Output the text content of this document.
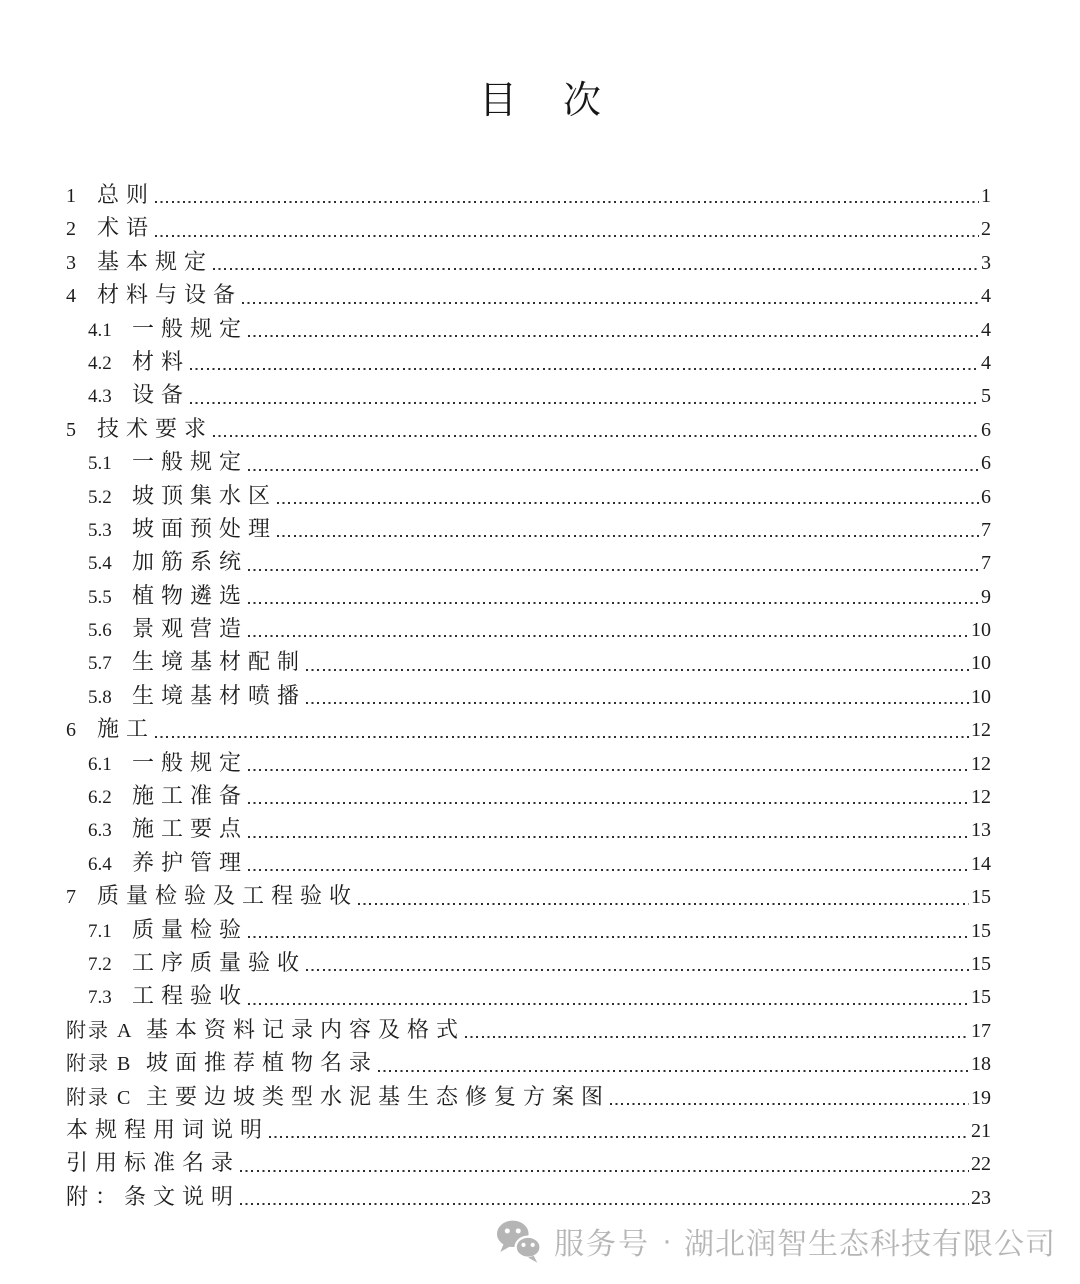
目 次
1 总则	1
2 术语	2
3 基本规定	3
4 材料与设备	4
4.1 一般规定	4
4.2 材料	4
4.3 设备	5
5 技术要求	6
5.1 一般规定	6
5.2 坡顶集水区	6
5.3 坡面预处理	7
5.4 加筋系统	7
5.5 植物遴选	9
5.6 景观营造	10
5.7 生境基材配制	10
5.8 生境基材喷播	10
6 施工	12
6.1 一般规定	12
6.2 施工准备	12
6.3 施工要点	13
6.4 养护管理	14
7 质量检验及工程验收	15
7.1 质量检验	15
7.2 工序质量验收	15
7.3 工程验收	15
附录 A 基本资料记录内容及格式	17
附录 B 坡面推荐植物名录	18
附录 C 主要边坡类型水泥基生态修复方案图	19
本规程用词说明	21
引用标准名录	22
附：条文说明	23
服务号 · 湖北润智生态科技有限公司
